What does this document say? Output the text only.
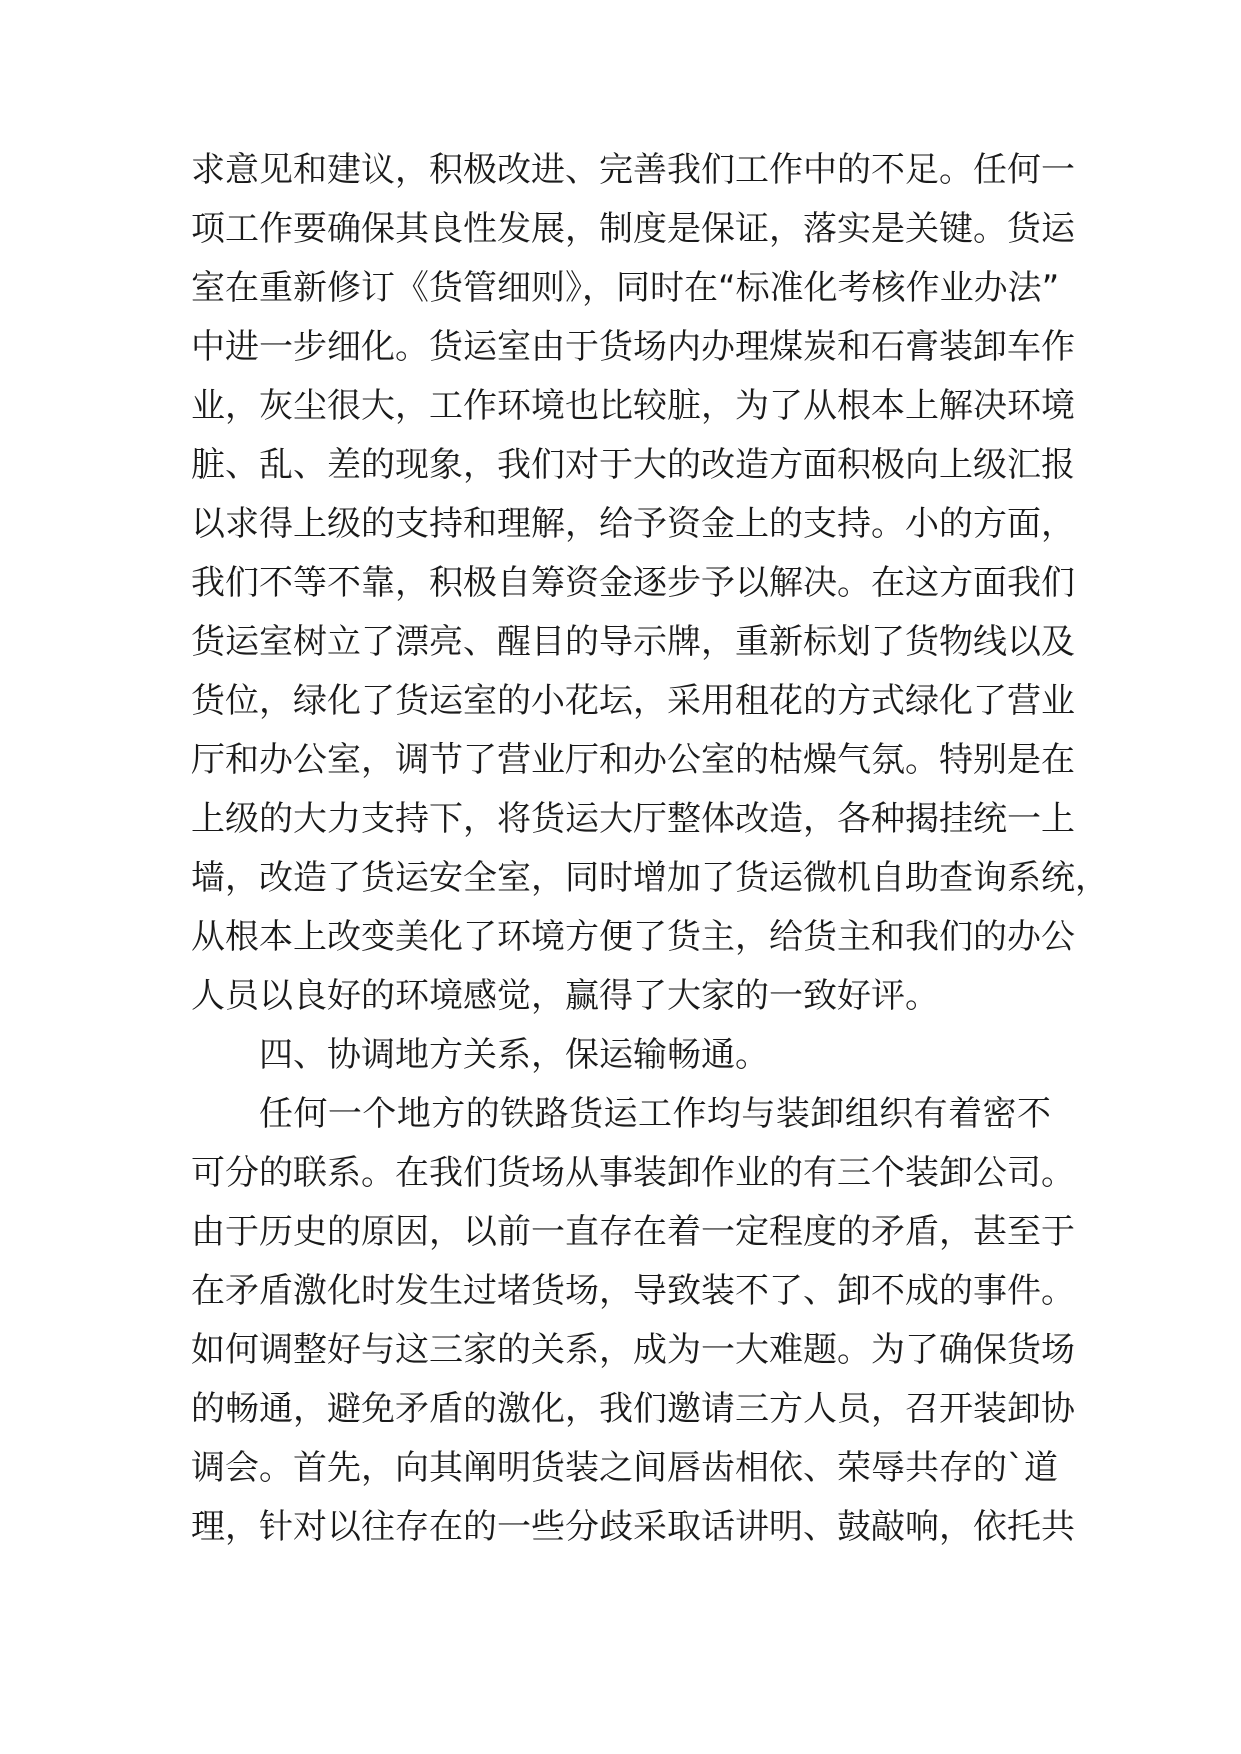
求意见和建议，积极改进、完善我们工作中的不足。任何一
项工作要确保其良性发展，制度是保证，落实是关键。货运
室在重新修订《货管细则》，同时在“标准化考核作业办法”
中进一步细化。货运室由于货场内办理煤炭和石膏装卸车作
业，灰尘很大，工作环境也比较脏，为了从根本上解决环境
脏、乱、差的现象，我们对于大的改造方面积极向上级汇报
以求得上级的支持和理解，给予资金上的支持。小的方面，
我们不等不靠，积极自筹资金逐步予以解决。在这方面我们
货运室树立了漂亮、醒目的导示牌，重新标划了货物线以及
货位，绿化了货运室的小花坛，采用租花的方式绿化了营业
厅和办公室，调节了营业厅和办公室的枯燥气氛。特别是在
上级的大力支持下，将货运大厅整体改造，各种揭挂统一上
墙，改造了货运安全室，同时增加了货运微机自助查询系统，
从根本上改变美化了环境方便了货主，给货主和我们的办公
人员以良好的环境感觉，赢得了大家的一致好评。
四、协调地方关系，保运输畅通。
任何一个地方的铁路货运工作均与装卸组织有着密不
可分的联系。在我们货场从事装卸作业的有三个装卸公司。
由于历史的原因，以前一直存在着一定程度的矛盾，甚至于
在矛盾激化时发生过堵货场，导致装不了、卸不成的事件。
如何调整好与这三家的关系，成为一大难题。为了确保货场
的畅通，避免矛盾的激化，我们邀请三方人员，召开装卸协
调会。首先，向其阐明货装之间唇齿相依、荣辱共存的`道
理，针对以往存在的一些分歧采取话讲明、鼓敲响，依托共
